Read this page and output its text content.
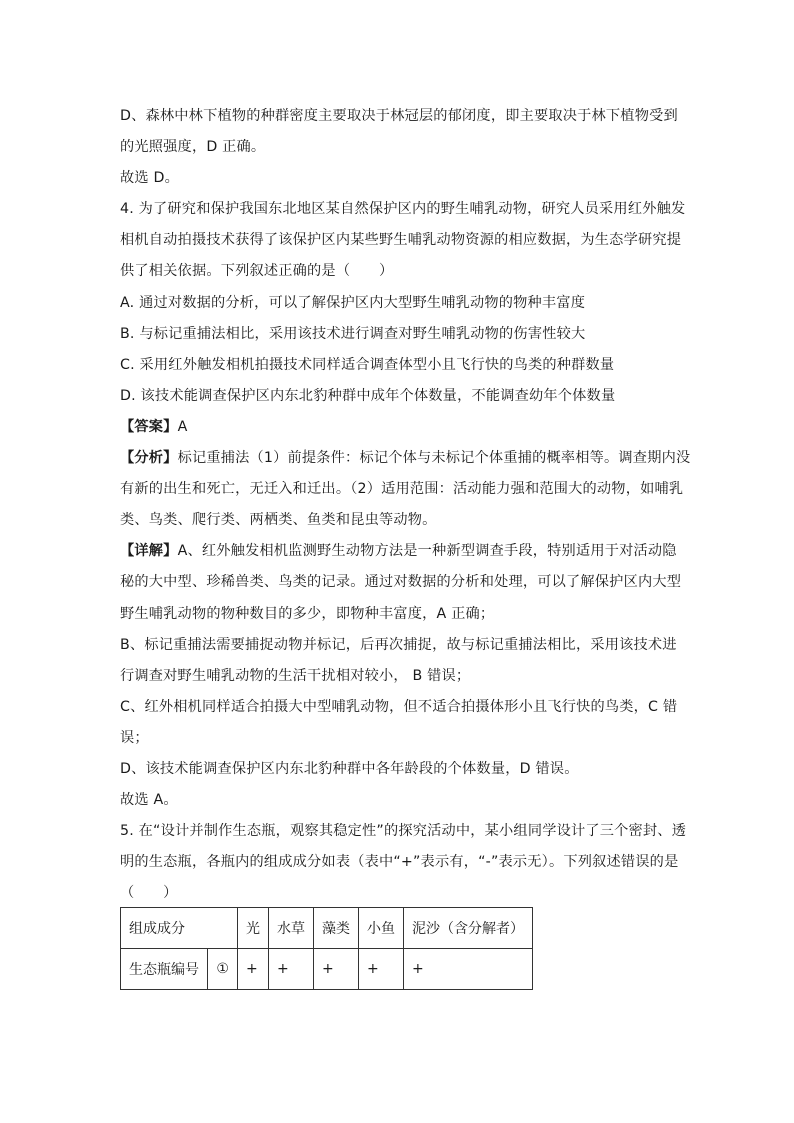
D、森林中林下植物的种群密度主要取决于林冠层的郁闭度，即主要取决于林下植物受到
的光照强度，D 正确。
故选 D。
4. 为了研究和保护我国东北地区某自然保护区内的野生哺乳动物，研究人员采用红外触发
相机自动拍摄技术获得了该保护区内某些野生哺乳动物资源的相应数据，为生态学研究提
供了相关依据。下列叙述正确的是（　　）
A. 通过对数据的分析，可以了解保护区内大型野生哺乳动物的物种丰富度
B. 与标记重捕法相比，采用该技术进行调查对野生哺乳动物的伤害性较大
C. 采用红外触发相机拍摄技术同样适合调查体型小且飞行快的鸟类的种群数量
D. 该技术能调查保护区内东北豹种群中成年个体数量，不能调查幼年个体数量
【答案】A
【分析】标记重捕法（1）前提条件：标记个体与未标记个体重捕的概率相等。调查期内没
有新的出生和死亡，无迁入和迁出。（2）适用范围：活动能力强和范围大的动物，如哺乳
类、鸟类、爬行类、两栖类、鱼类和昆虫等动物。
【详解】A、红外触发相机监测野生动物方法是一种新型调查手段，特别适用于对活动隐
秘的大中型、珍稀兽类、鸟类的记录。通过对数据的分析和处理，可以了解保护区内大型
野生哺乳动物的物种数目的多少，即物种丰富度，A 正确；
B、标记重捕法需要捕捉动物并标记，后再次捕捉，故与标记重捕法相比，采用该技术进
行调查对野生哺乳动物的生活干扰相对较小， B 错误；
C、红外相机同样适合拍摄大中型哺乳动物，但不适合拍摄体形小且飞行快的鸟类，C 错
误；
D、该技术能调查保护区内东北豹种群中各年龄段的个体数量，D 错误。
故选 A。
5. 在“设计并制作生态瓶，观察其稳定性”的探究活动中，某小组同学设计了三个密封、透
明的生态瓶，各瓶内的组成成分如表（表中“+”表示有，“-”表示无）。下列叙述错误的是
（　　）
组成成分		光	水草	藻类	小鱼	泥沙（含分解者）
生态瓶编号	①	+	+	+	+	+
